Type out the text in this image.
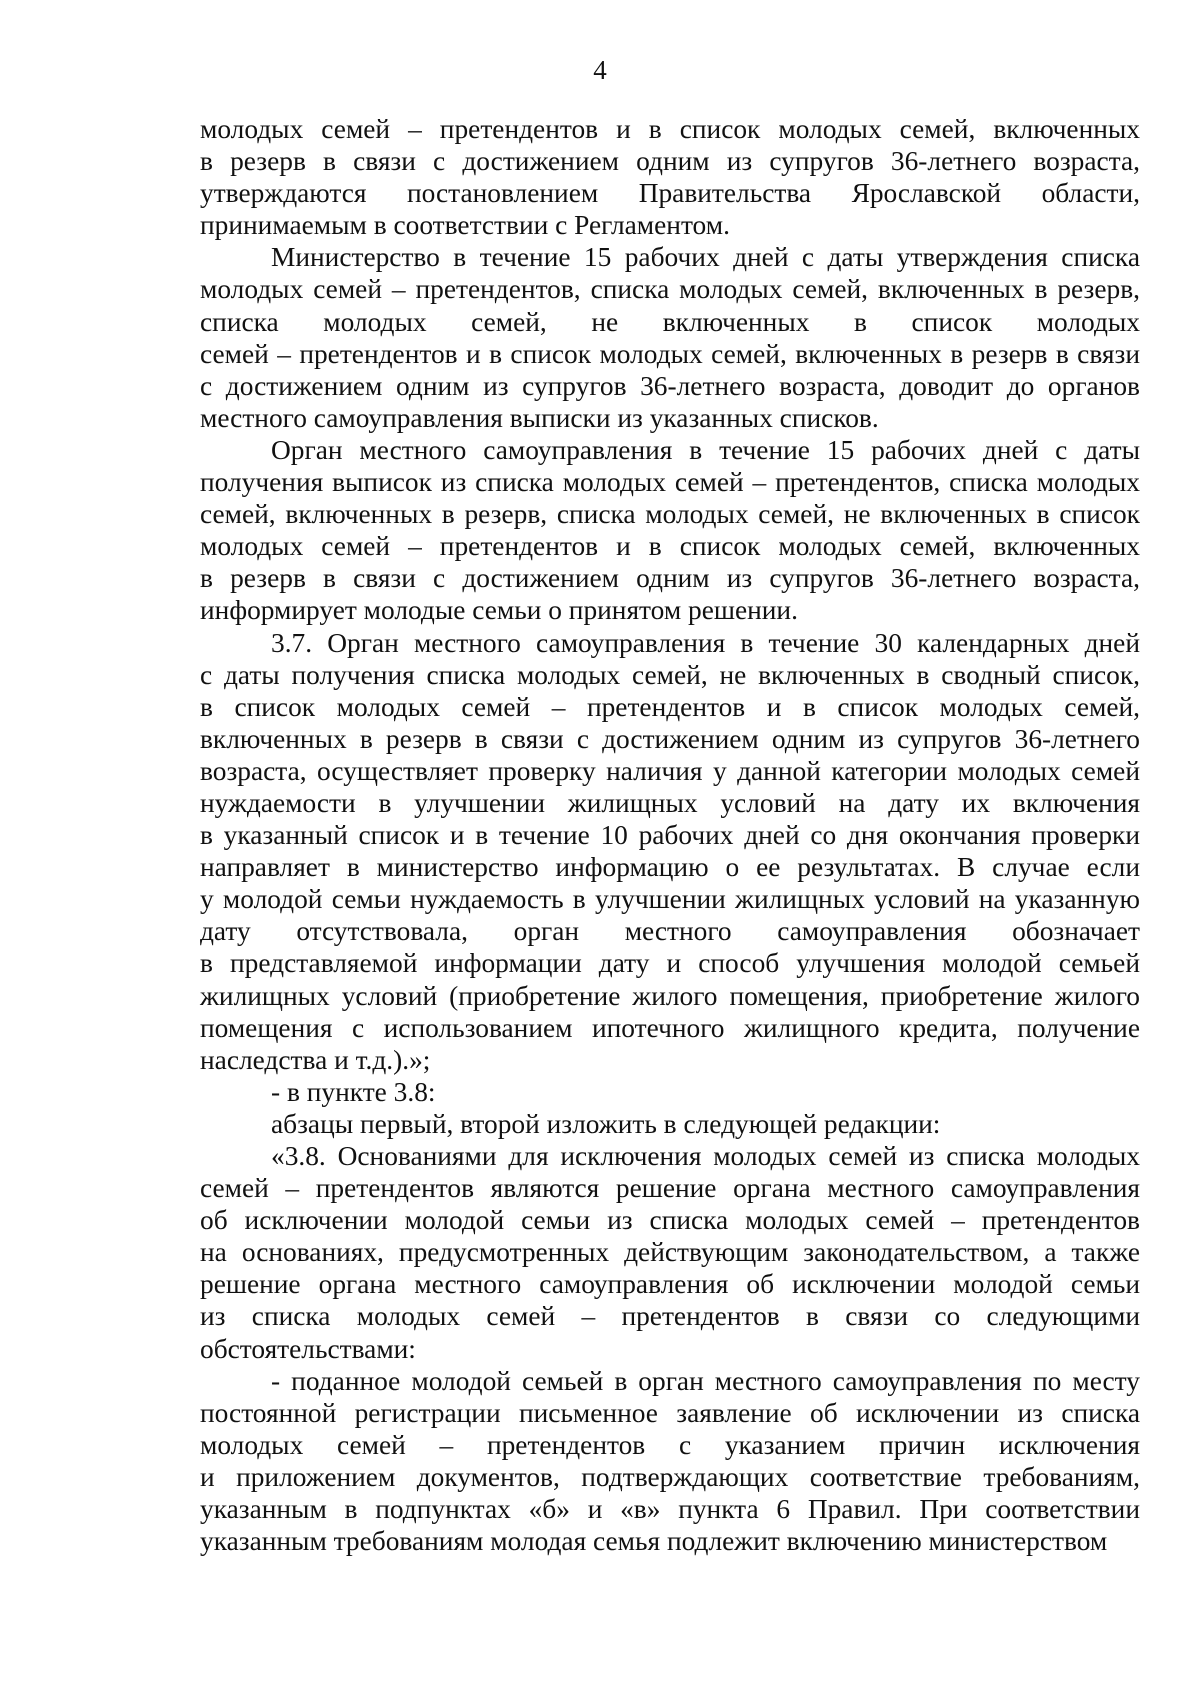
4

молодых семей – претендентов и в список молодых семей, включенных
в резерв в связи с достижением одним из супругов 36-летнего возраста,
утверждаются постановлением Правительства Ярославской области,
принимаемым в соответствии с Регламентом.

Министерство в течение 15 рабочих дней с даты утверждения списка
молодых семей – претендентов, списка молодых семей, включенных в резерв,
списка молодых семей, не включенных в список молодых
семей – претендентов и в список молодых семей, включенных в резерв в связи
с достижением одним из супругов 36-летнего возраста, доводит до органов
местного самоуправления выписки из указанных списков.

Орган местного самоуправления в течение 15 рабочих дней с даты
получения выписок из списка молодых семей – претендентов, списка молодых
семей, включенных в резерв, списка молодых семей, не включенных в список
молодых семей – претендентов и в список молодых семей, включенных
в резерв в связи с достижением одним из супругов 36-летнего возраста,
информирует молодые семьи о принятом решении.

3.7. Орган местного самоуправления в течение 30 календарных дней
с даты получения списка молодых семей, не включенных в сводный список,
в список молодых семей – претендентов и в список молодых семей,
включенных в резерв в связи с достижением одним из супругов 36-летнего
возраста, осуществляет проверку наличия у данной категории молодых семей
нуждаемости в улучшении жилищных условий на дату их включения
в указанный список и в течение 10 рабочих дней со дня окончания проверки
направляет в министерство информацию о ее результатах. В случае если
у молодой семьи нуждаемость в улучшении жилищных условий на указанную
дату отсутствовала, орган местного самоуправления обозначает
в представляемой информации дату и способ улучшения молодой семьей
жилищных условий (приобретение жилого помещения, приобретение жилого
помещения с использованием ипотечного жилищного кредита, получение
наследства и т.д.).»;

- в пункте 3.8:

абзацы первый, второй изложить в следующей редакции:

«3.8. Основаниями для исключения молодых семей из списка молодых
семей – претендентов являются решение органа местного самоуправления
об исключении молодой семьи из списка молодых семей – претендентов
на основаниях, предусмотренных действующим законодательством, а также
решение органа местного самоуправления об исключении молодой семьи
из списка молодых семей – претендентов в связи со следующими
обстоятельствами:

- поданное молодой семьей в орган местного самоуправления по месту
постоянной регистрации письменное заявление об исключении из списка
молодых семей – претендентов с указанием причин исключения
и приложением документов, подтверждающих соответствие требованиям,
указанным в подпунктах «б» и «в» пункта 6 Правил. При соответствии
указанным требованиям молодая семья подлежит включению министерством
